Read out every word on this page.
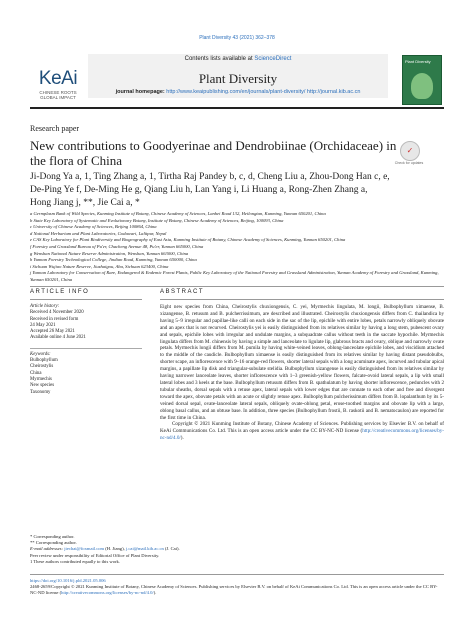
Plant Diversity 43 (2021) 362–378
Contents lists available at ScienceDirect
Plant Diversity
journal homepage: http://www.keaipublishing.com/en/journals/plant-diversity/ http://journal.kib.ac.cn
KeAi
CHINESE ROOTS GLOBAL IMPACT
Plant Diversity
Research paper
New contributions to Goodyerinae and Dendrobiinae (Orchidaceae) in the flora of China
✓
Check for updates
Ji-Dong Ya a, 1, Ting Zhang a, 1, Tirtha Raj Pandey b, c, d, Cheng Liu a, Zhou-Dong Han c, e,
De-Ping Ye f, De-Ming He g, Qiang Liu h, Lan Yang i, Li Huang a, Rong-Zhen Zhang a,
Hong Jiang j, **, Jie Cai a, *
a Germplasm Bank of Wild Species, Kunming Institute of Botany, Chinese Academy of Sciences, Lanhei Road 132, Heilongtan, Kunming, Yunnan 650201, China
b State Key Laboratory of Systematic and Evolutionary Botany, Institute of Botany, Chinese Academy of Sciences, Beijing, 100093, China
c University of Chinese Academy of Sciences, Beijing 100864, China
d National Herbarium and Plant Laboratories, Godawari, Lalitpur, Nepal
e CAS Key Laboratory for Plant Biodiversity and Biogeography of East Asia, Kunming Institute of Botany, Chinese Academy of Sciences, Kunming, Yunnan 650201, China
f Forestry and Grassland Bureau of Pu'er, Chacheng Avenue 48, Pu'er, Yunnan 665000, China
g Wenshan National Nature Reserve Administration, Wenshan, Yunnan 663000, China
h Yunnan Forestry Technological College, Jindian Road, Kunming, Yunnan 650000, China
i Sichuan Wujiao Nature Reserve, Jiuzhaigou, Aba, Sichuan 623400, China
j Yunnan Laboratory for Conservation of Rare, Endangered & Endemic Forest Plants, Public Key Laboratory of the National Forestry and Grassland Administration, Yunnan Academy of Forestry and Grassland, Kunming, Yunnan 650201, China
ARTICLE INFO	ABSTRACT
Article history:
Received 4 November 2020
Received in revised form
24 May 2021
Accepted 26 May 2021
Available online 4 June 2021
Keywords:
Bulbophyllum
Cheirostylis
China
Myrmechis
New species
Taxonomy

Eight new species from China, Cheirostylis chuxiongensis, C. yei, Myrmechis lingulata, M. longii, Bulbophyllum ximaense, B. xizangense, B. retusum and B. pulcherrissimum, are described and illustrated. Cheirostylis chuxiongensis differs from C. thailandica by having 5–9 irregular and papillae-like calli on each side in the sac of the lip, epichile with entire lobes, petals narrowly obliquely obovate and an apex that is not recurved. Cheirostylis yei is easily distinguished from its relatives similar by having a long stem, pubescent ovary and sepals, epichile lobes with irregular and undulate margins, a subquadrate callus without teeth in the saccate hypochile. Myrmechis lingulata differs from M. chinensis by having a simple and lanceolate to ligulate lip, glabrous bracts and ovary, oblique and narrowly ovate petals. Myrmechis longii differs from M. pumila by having white-veined leaves, oblong-lanceolate epichile lobes, and viscidium attached to the middle of the caudicle. Bulbophyllum ximaense is easily distinguished from its relatives similar by having distant pseudobulbs, shorter scape, an inflorescence with 9–16 orange-red flowers, shorter lateral sepals with a long acuminate apex, incurved and tubular apical margins, a papillate lip disk and triangular-subulate stelidia. Bulbophyllum xizangense is easily distinguished from its relatives similar by having narrower lanceolate leaves, shorter inflorescence with 1–3 greenish-yellow flowers, falcate-ovoid lateral sepals, a lip with small lateral lobes and 3 keels at the base. Bulbophyllum retusum differs from B. spathulatum by having shorter inflorescence, peduncles with 2 tubular sheaths, dorsal sepals with a retuse apex, lateral sepals with lower edges that are connate to each other and free and divergent toward the apex, obovate petals with an acute or slightly retuse apex. Bulbophyllum pulcherissimum differs from B. lopalanthum by its 5-veined dorsal sepal, ovate-lanceolate lateral sepals, obliquely ovate-oblong petal, erose-toothed margins and obovate lip with a large, oblong basal callus, and an obtuse base. In addition, three species (Bulbophyllum frostii, B. raskotii and B. nematocaulon) are reported for the first time in China.

Copyright © 2021 Kunming Institute of Botany, Chinese Academy of Sciences. Publishing services by Elsevier B.V. on behalf of KeAi Communications Co. Ltd. This is an open access article under the CC BY-NC-ND license (http://creativecommons.org/licenses/by-nc-nd/4.0/).

* Corresponding author.
** Corresponding author.
E-mail addresses: jiechai@foxmail.com (H. Jiang), j.cai@mail.kib.ac.cn (J. Cai).
Peer review under responsibility of Editorial Office of Plant Diversity.
1 These authors contributed equally to this work.
https://doi.org/10.1016/j.pld.2021.05.006
2468-2659/Copyright © 2021 Kunming Institute of Botany, Chinese Academy of Sciences. Publishing services by Elsevier B.V. on behalf of KeAi Communications Co. Ltd. This is an open access article under the CC BY-NC-ND license (http://creativecommons.org/licenses/by-nc-nd/4.0/).
